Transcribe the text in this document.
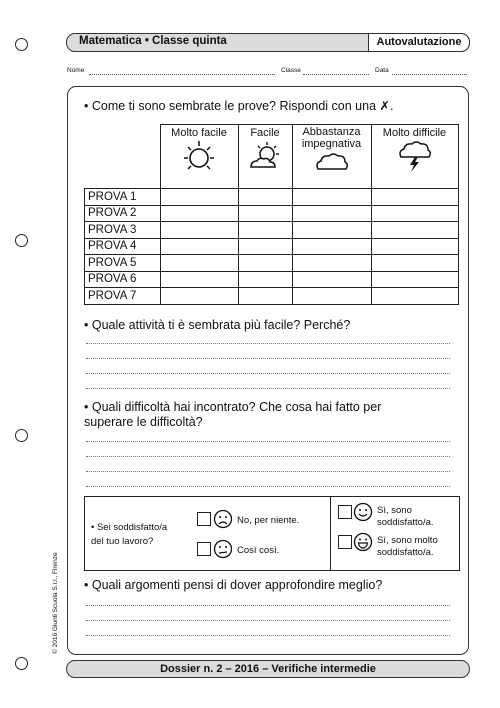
Matematica • Classe quinta	Autovalutazione
Nome	Classe	Data
• Come ti sono sembrate le prove? Rispondi con una ✗.

	Molto facile	Facile	Abbastanza impegnativa	Molto difficile

PROVA 1				
PROVA 2				
PROVA 3				
PROVA 4				
PROVA 5				
PROVA 6				
PROVA 7				
• Quale attività ti è sembrata più facile? Perché?
• Quali difficoltà hai incontrato? Che cosa hai fatto per
superare le difficoltà?
• Sei soddisfatto/a
del tuo lavoro?
No, per niente.
Così così.
Sì, sono
soddisfatto/a.
Sì, sono molto
soddisfatto/a.
• Quali argomenti pensi di dover approfondire meglio?
© 2016 Giunti Scuola S.r.l., Firenze
Dossier n. 2 – 2016 – Verifiche intermedie
